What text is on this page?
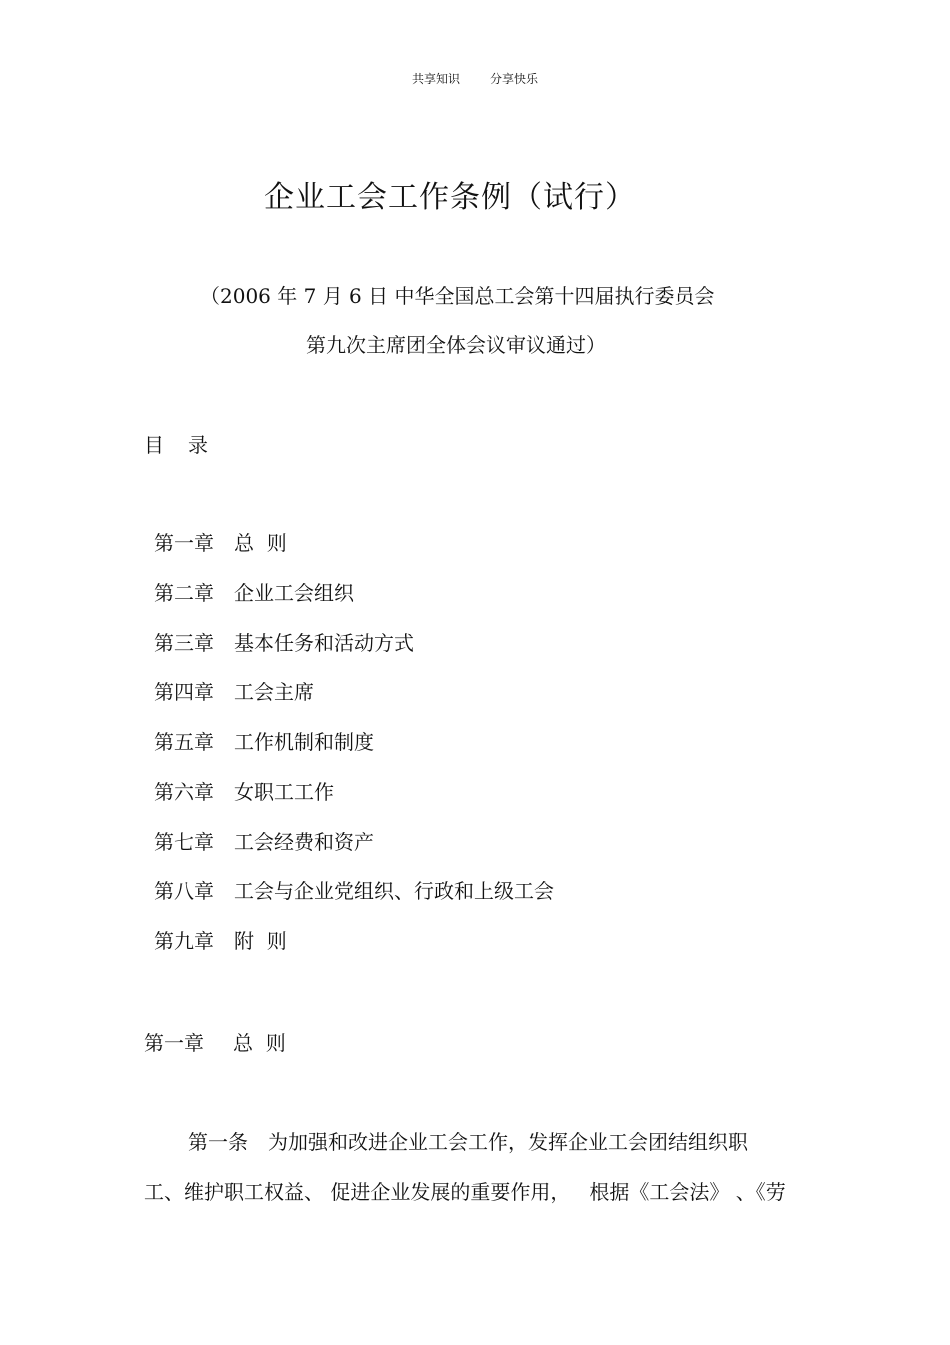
共享知识	分享快乐
企业工会工作条例（试行）
（2006 年 7 月 6 日 中华全国总工会第十四届执行委员会
第九次主席团全体会议审议通过）
目 录
第一章 总  则
第二章 企业工会组织
第三章 基本任务和活动方式
第四章 工会主席
第五章 工作机制和制度
第六章 女职工工作
第七章 工会经费和资产
第八章 工会与企业党组织、行政和上级工会
第九章 附  则
第一章 总  则
第一条 为加强和改进企业工会工作，发挥企业工会团结组织职
工、维护职工权益、 促进企业发展的重要作用，   根据《工会法》 、《劳
